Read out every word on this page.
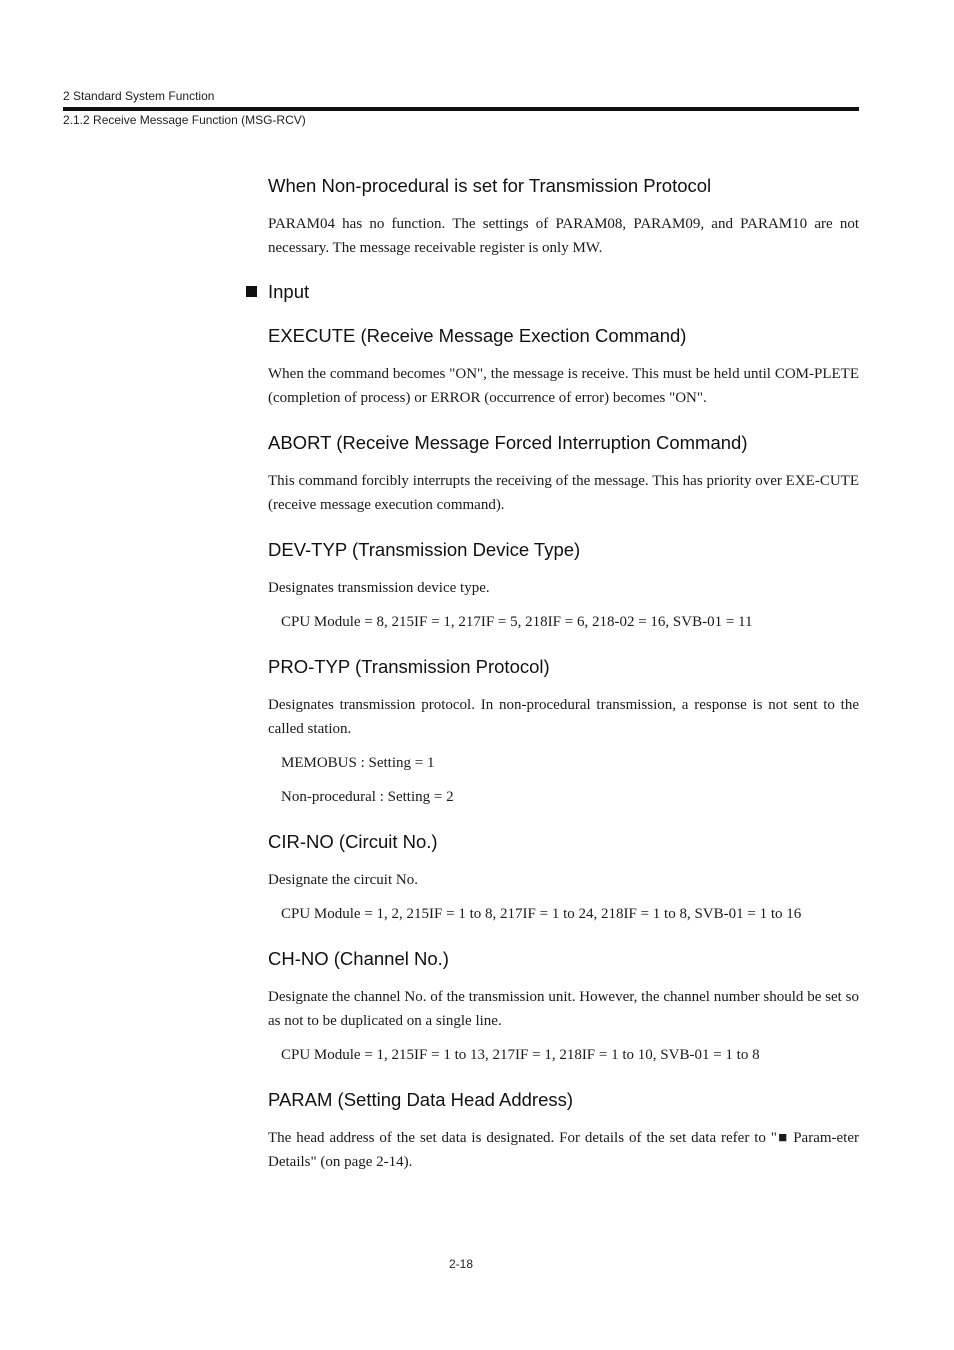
2 Standard System Function
2.1.2 Receive Message Function (MSG-RCV)
When Non-procedural is set for Transmission Protocol

PARAM04 has no function. The settings of PARAM08, PARAM09, and PARAM10 are not necessary. The message receivable register is only MW.

Input
EXECUTE (Receive Message Exection Command)

When the command becomes "ON", the message is receive. This must be held until COM-PLETE (completion of process) or ERROR (occurrence of error) becomes "ON".

ABORT (Receive Message Forced Interruption Command)

This command forcibly interrupts the receiving of the message. This has priority over EXE-CUTE (receive message execution command).

DEV-TYP (Transmission Device Type)

Designates transmission device type.

CPU Module = 8, 215IF = 1, 217IF = 5, 218IF = 6, 218-02 = 16, SVB-01 = 11

PRO-TYP (Transmission Protocol)

Designates transmission protocol. In non-procedural transmission, a response is not sent to the called station.

MEMOBUS : Setting = 1

Non-procedural : Setting = 2

CIR-NO (Circuit No.)

Designate the circuit No.

CPU Module = 1, 2, 215IF = 1 to 8, 217IF = 1 to 24, 218IF = 1 to 8, SVB-01 = 1 to 16

CH-NO (Channel No.)

Designate the channel No. of the transmission unit. However, the channel number should be set so as not to be duplicated on a single line.

CPU Module = 1, 215IF = 1 to 13, 217IF = 1, 218IF = 1 to 10, SVB-01 = 1 to 8

PARAM (Setting Data Head Address)

The head address of the set data is designated. For details of the set data refer to "■ Param-eter Details" (on page 2-14).

2-18
